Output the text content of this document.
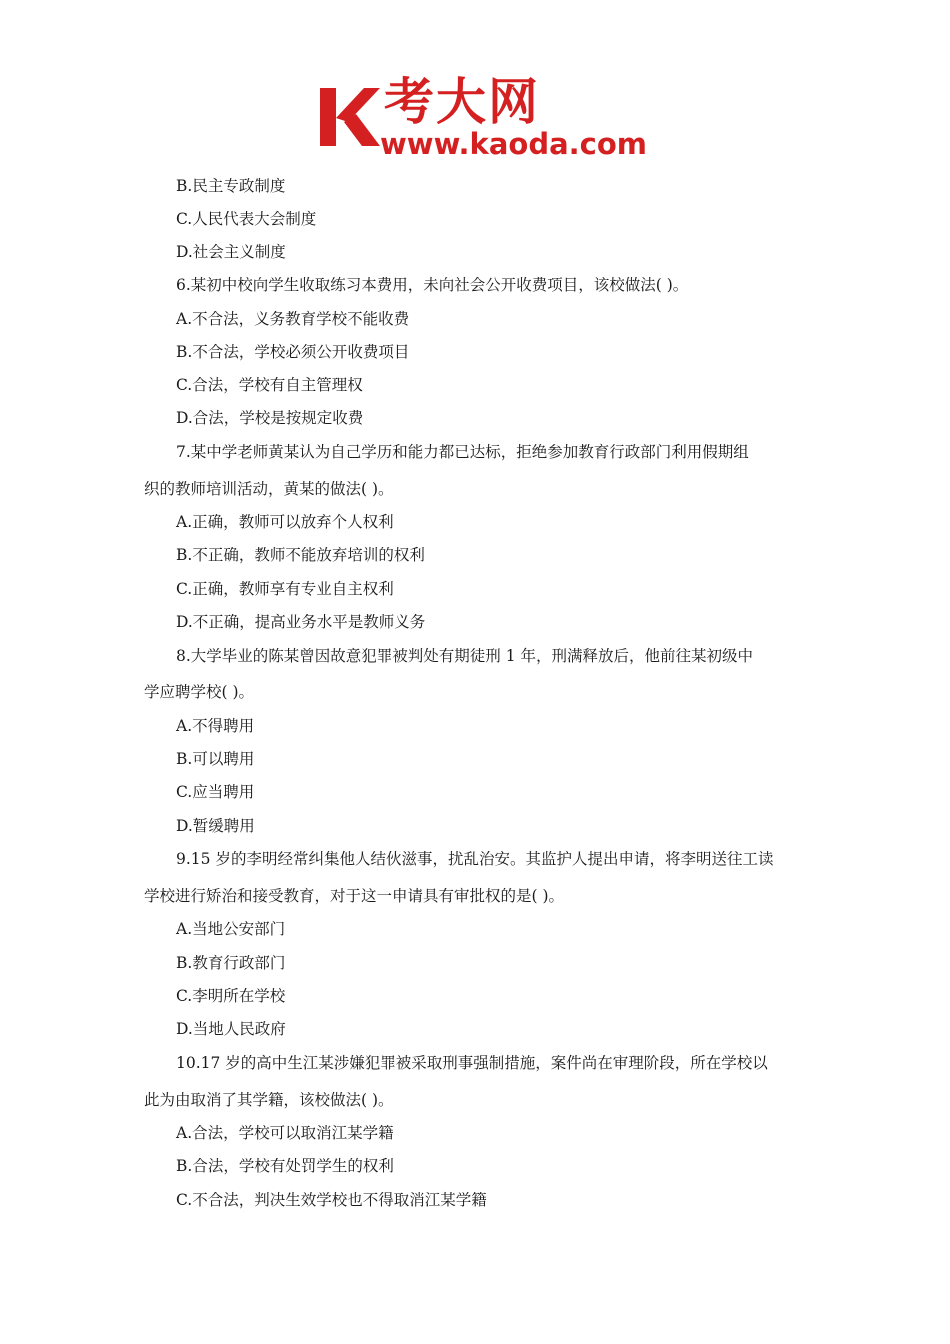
考大网
www.kaoda.com
B.民主专政制度
C.人民代表大会制度
D.社会主义制度
6.某初中校向学生收取练习本费用，未向社会公开收费项目，该校做法( )。
A.不合法，义务教育学校不能收费
B.不合法，学校必须公开收费项目
C.合法，学校有自主管理权
D.合法，学校是按规定收费
7.某中学老师黄某认为自己学历和能力都已达标，拒绝参加教育行政部门利用假期组
织的教师培训活动，黄某的做法( )。
A.正确，教师可以放弃个人权利
B.不正确，教师不能放弃培训的权利
C.正确，教师享有专业自主权利
D.不正确，提高业务水平是教师义务
8.大学毕业的陈某曾因故意犯罪被判处有期徒刑 1 年，刑满释放后，他前往某初级中
学应聘学校( )。
A.不得聘用
B.可以聘用
C.应当聘用
D.暂缓聘用
9.15 岁的李明经常纠集他人结伙滋事，扰乱治安。其监护人提出申请，将李明送往工读
学校进行矫治和接受教育，对于这一申请具有审批权的是( )。
A.当地公安部门
B.教育行政部门
C.李明所在学校
D.当地人民政府
10.17 岁的高中生江某涉嫌犯罪被采取刑事强制措施，案件尚在审理阶段，所在学校以
此为由取消了其学籍，该校做法( )。
A.合法，学校可以取消江某学籍
B.合法，学校有处罚学生的权利
C.不合法，判决生效学校也不得取消江某学籍
